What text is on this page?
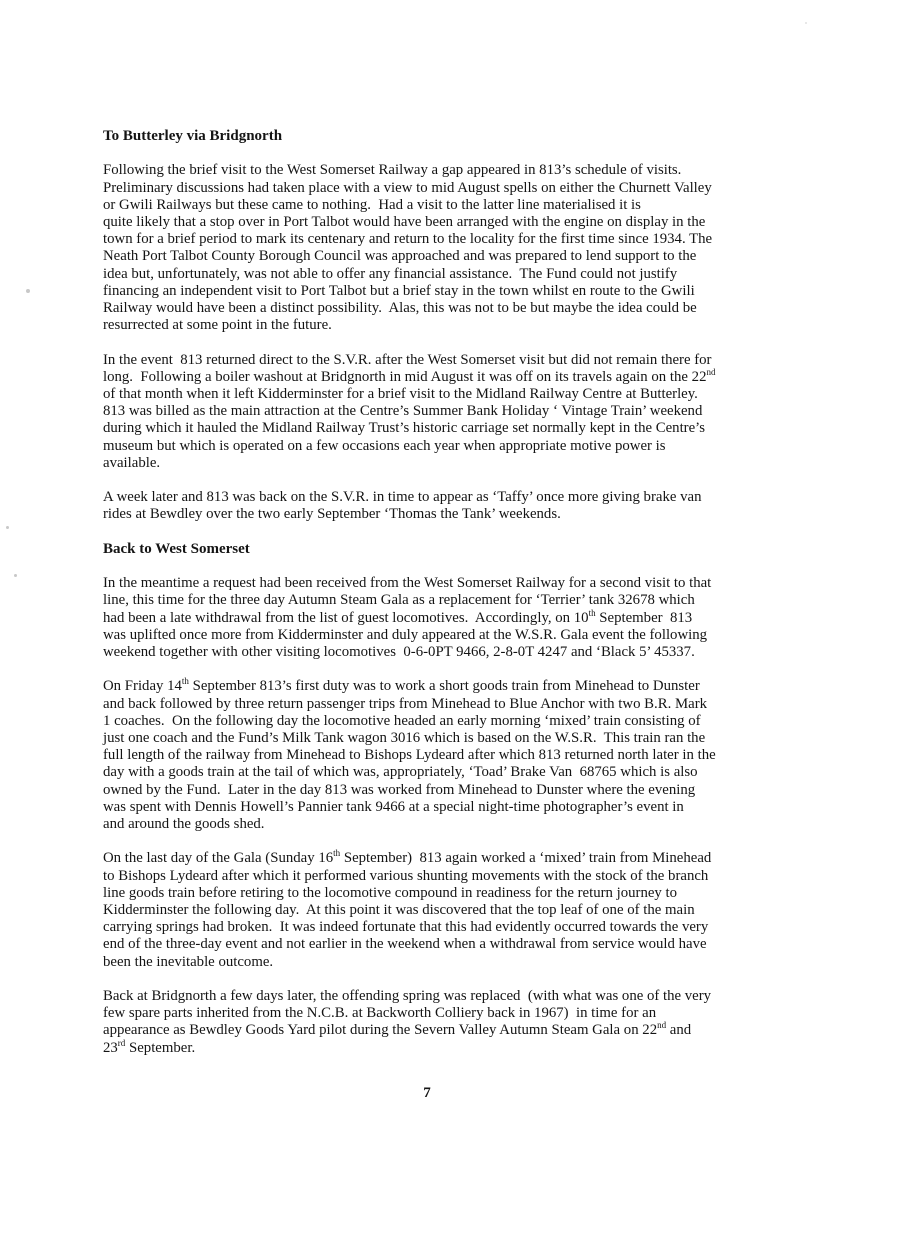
To Butterley via Bridgnorth
Following the brief visit to the West Somerset Railway a gap appeared in 813’s schedule of visits.
Preliminary discussions had taken place with a view to mid August spells on either the Churnett Valley
or Gwili Railways but these came to nothing.  Had a visit to the latter line materialised it is
quite likely that a stop over in Port Talbot would have been arranged with the engine on display in the
town for a brief period to mark its centenary and return to the locality for the first time since 1934. The
Neath Port Talbot County Borough Council was approached and was prepared to lend support to the
idea but, unfortunately, was not able to offer any financial assistance.  The Fund could not justify
financing an independent visit to Port Talbot but a brief stay in the town whilst en route to the Gwili
Railway would have been a distinct possibility.  Alas, this was not to be but maybe the idea could be
resurrected at some point in the future.
In the event  813 returned direct to the S.V.R. after the West Somerset visit but did not remain there for
long.  Following a boiler washout at Bridgnorth in mid August it was off on its travels again on the 22nd
of that month when it left Kidderminster for a brief visit to the Midland Railway Centre at Butterley.
813 was billed as the main attraction at the Centre’s Summer Bank Holiday ‘ Vintage Train’ weekend
during which it hauled the Midland Railway Trust’s historic carriage set normally kept in the Centre’s
museum but which is operated on a few occasions each year when appropriate motive power is
available.
A week later and 813 was back on the S.V.R. in time to appear as ‘Taffy’ once more giving brake van
rides at Bewdley over the two early September ‘Thomas the Tank’ weekends.
Back to West Somerset
In the meantime a request had been received from the West Somerset Railway for a second visit to that
line, this time for the three day Autumn Steam Gala as a replacement for ‘Terrier’ tank 32678 which
had been a late withdrawal from the list of guest locomotives.  Accordingly, on 10th September  813
was uplifted once more from Kidderminster and duly appeared at the W.S.R. Gala event the following
weekend together with other visiting locomotives  0-6-0PT 9466, 2-8-0T 4247 and ‘Black 5’ 45337.
On Friday 14th September 813’s first duty was to work a short goods train from Minehead to Dunster
and back followed by three return passenger trips from Minehead to Blue Anchor with two B.R. Mark
1 coaches.  On the following day the locomotive headed an early morning ‘mixed’ train consisting of
just one coach and the Fund’s Milk Tank wagon 3016 which is based on the W.S.R.  This train ran the
full length of the railway from Minehead to Bishops Lydeard after which 813 returned north later in the
day with a goods train at the tail of which was, appropriately, ‘Toad’ Brake Van  68765 which is also
owned by the Fund.  Later in the day 813 was worked from Minehead to Dunster where the evening
was spent with Dennis Howell’s Pannier tank 9466 at a special night-time photographer’s event in
and around the goods shed.
On the last day of the Gala (Sunday 16th September)  813 again worked a ‘mixed’ train from Minehead
to Bishops Lydeard after which it performed various shunting movements with the stock of the branch
line goods train before retiring to the locomotive compound in readiness for the return journey to
Kidderminster the following day.  At this point it was discovered that the top leaf of one of the main
carrying springs had broken.  It was indeed fortunate that this had evidently occurred towards the very
end of the three-day event and not earlier in the weekend when a withdrawal from service would have
been the inevitable outcome.
Back at Bridgnorth a few days later, the offending spring was replaced  (with what was one of the very
few spare parts inherited from the N.C.B. at Backworth Colliery back in 1967)  in time for an
appearance as Bewdley Goods Yard pilot during the Severn Valley Autumn Steam Gala on 22nd and
23rd September.
7
